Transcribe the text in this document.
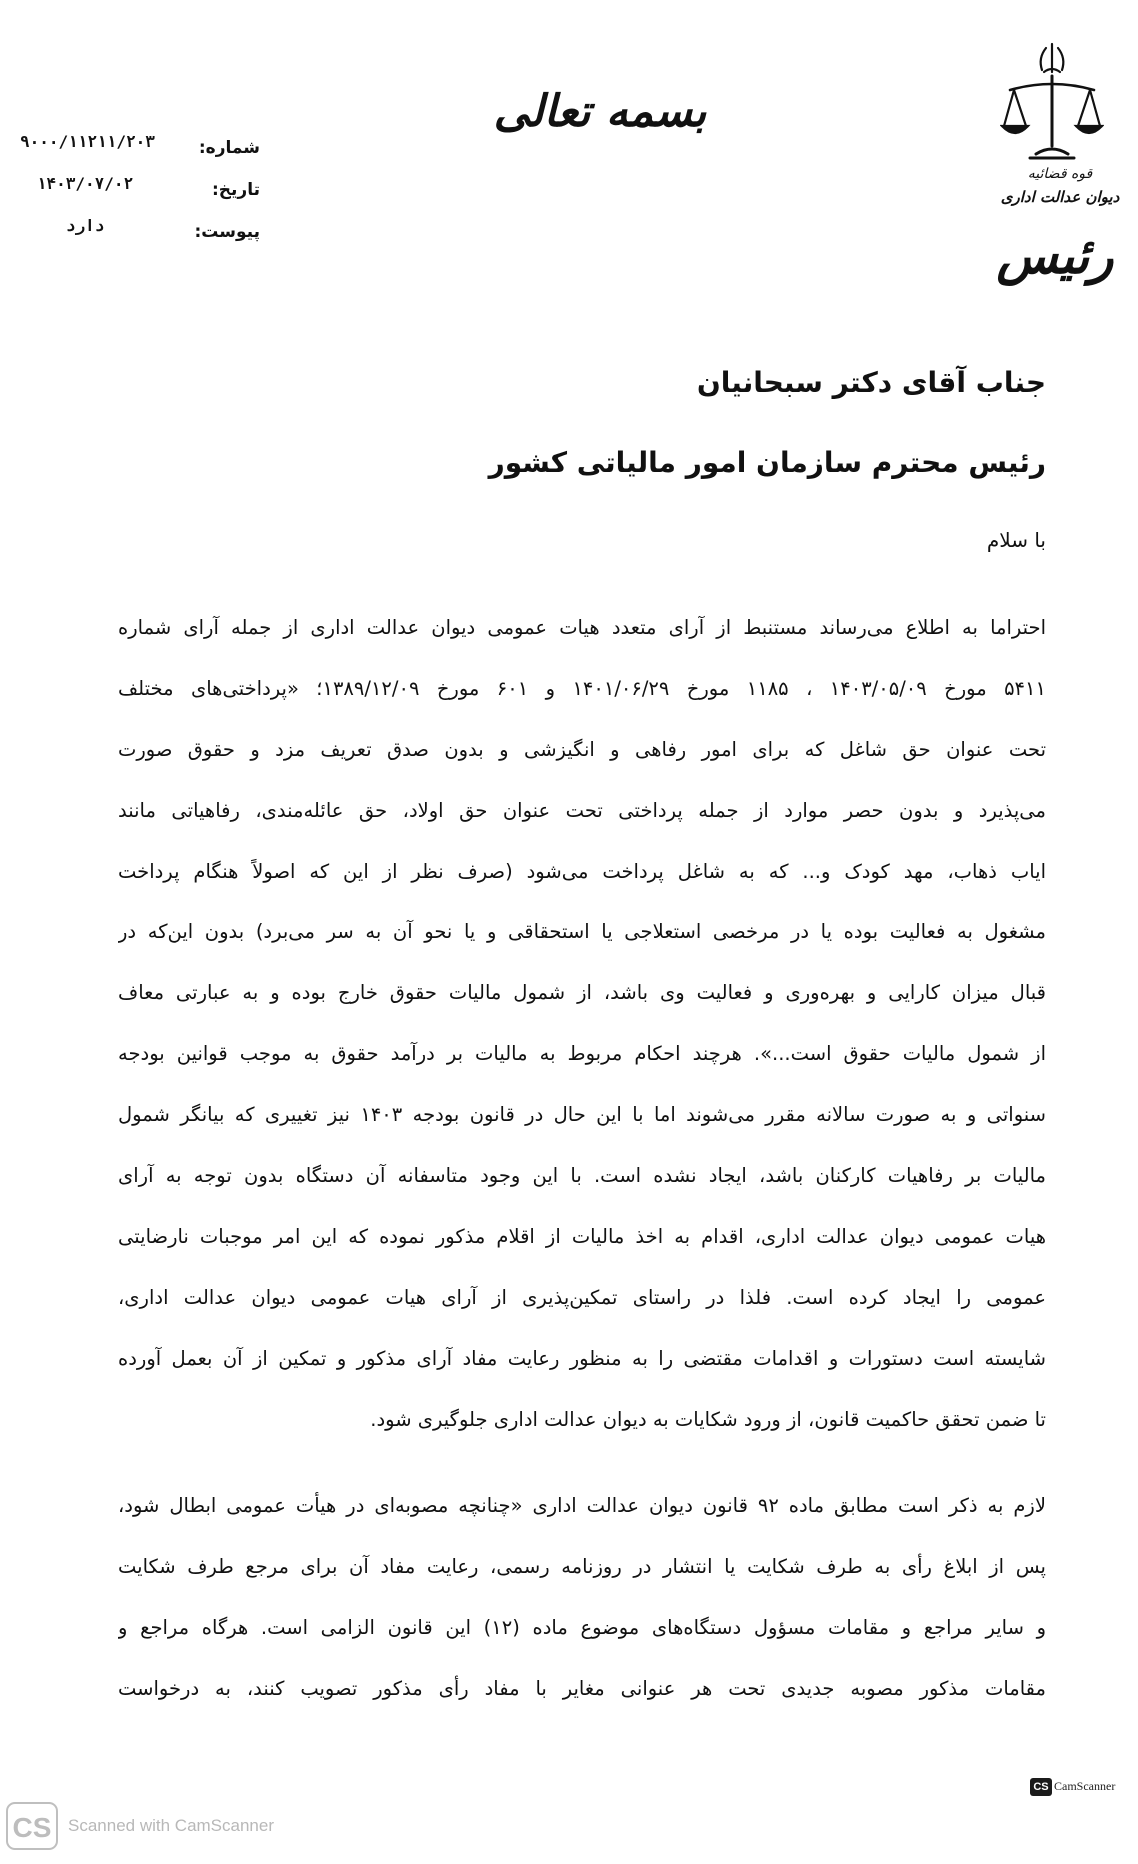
بسمه تعالی
شماره:
۹۰۰۰/۱۱۲۱۱/۲۰۳
تاریخ:
۱۴۰۳/۰۷/۰۲
پیوست:
دارد
قوه قضائیه
دیوان عدالت اداری
رئیس
جناب آقای دکتر سبحانیان
رئیس محترم سازمان امور مالیاتی کشور
با سلام
احتراما به اطلاع می‌رساند مستنبط از آرای متعدد هیات عمومی دیوان عدالت اداری از جمله آرای شماره
۵۴۱۱ مورخ ۱۴۰۳/۰۵/۰۹ ، ۱۱۸۵ مورخ ۱۴۰۱/۰۶/۲۹ و ۶۰۱ مورخ ۱۳۸۹/۱۲/۰۹؛ «پرداختی‌های مختلف
تحت عنوان حق شاغل که برای امور رفاهی و انگیزشی و بدون صدق تعریف مزد و حقوق صورت
می‌پذیرد و بدون حصر موارد از جمله پرداختی تحت عنوان حق اولاد، حق عائله‌مندی، رفاهیاتی مانند
ایاب ذهاب، مهد کودک و... که به شاغل پرداخت می‌شود (صرف نظر از این که اصولاً هنگام پرداخت
مشغول به فعالیت بوده یا در مرخصی استعلاجی یا استحقاقی و یا نحو آن به سر می‌برد) بدون این‌که در
قبال میزان کارایی و بهره‌وری و فعالیت وی باشد، از شمول مالیات حقوق خارج بوده و به عبارتی معاف
از شمول مالیات حقوق است...». هرچند احکام مربوط به مالیات بر درآمد حقوق به موجب قوانین بودجه
سنواتی و به صورت سالانه مقرر می‌شوند اما با این حال در قانون بودجه ۱۴۰۳ نیز تغییری که بیانگر شمول
مالیات بر رفاهیات کارکنان باشد، ایجاد نشده است. با این وجود متاسفانه آن دستگاه بدون توجه به آرای
هیات عمومی دیوان عدالت اداری، اقدام به اخذ مالیات از اقلام مذکور نموده که این امر موجبات نارضایتی
عمومی را ایجاد کرده است. فلذا در راستای تمکین‌پذیری از آرای هیات عمومی دیوان عدالت اداری،
شایسته است دستورات و اقدامات مقتضی را به منظور رعایت مفاد آرای مذکور و تمکین از آن بعمل آورده
تا ضمن تحقق حاکمیت قانون، از ورود شکایات به دیوان عدالت اداری جلوگیری شود.
لازم به ذکر است مطابق ماده ۹۲ قانون دیوان عدالت اداری «چنانچه مصوبه‌ای در هیأت عمومی ابطال شود،
پس از ابلاغ رأی به طرف شکایت یا انتشار در روزنامه رسمی، رعایت مفاد آن برای مرجع طرف شکایت
و سایر مراجع و مقامات مسؤول دستگاه‌های موضوع ماده (۱۲) این قانون الزامی است. هرگاه مراجع و
مقامات مذکور مصوبه جدیدی تحت هر عنوانی مغایر با مفاد رأی مذکور تصویب کنند، به درخواست
CS CamScanner
CS Scanned with CamScanner
